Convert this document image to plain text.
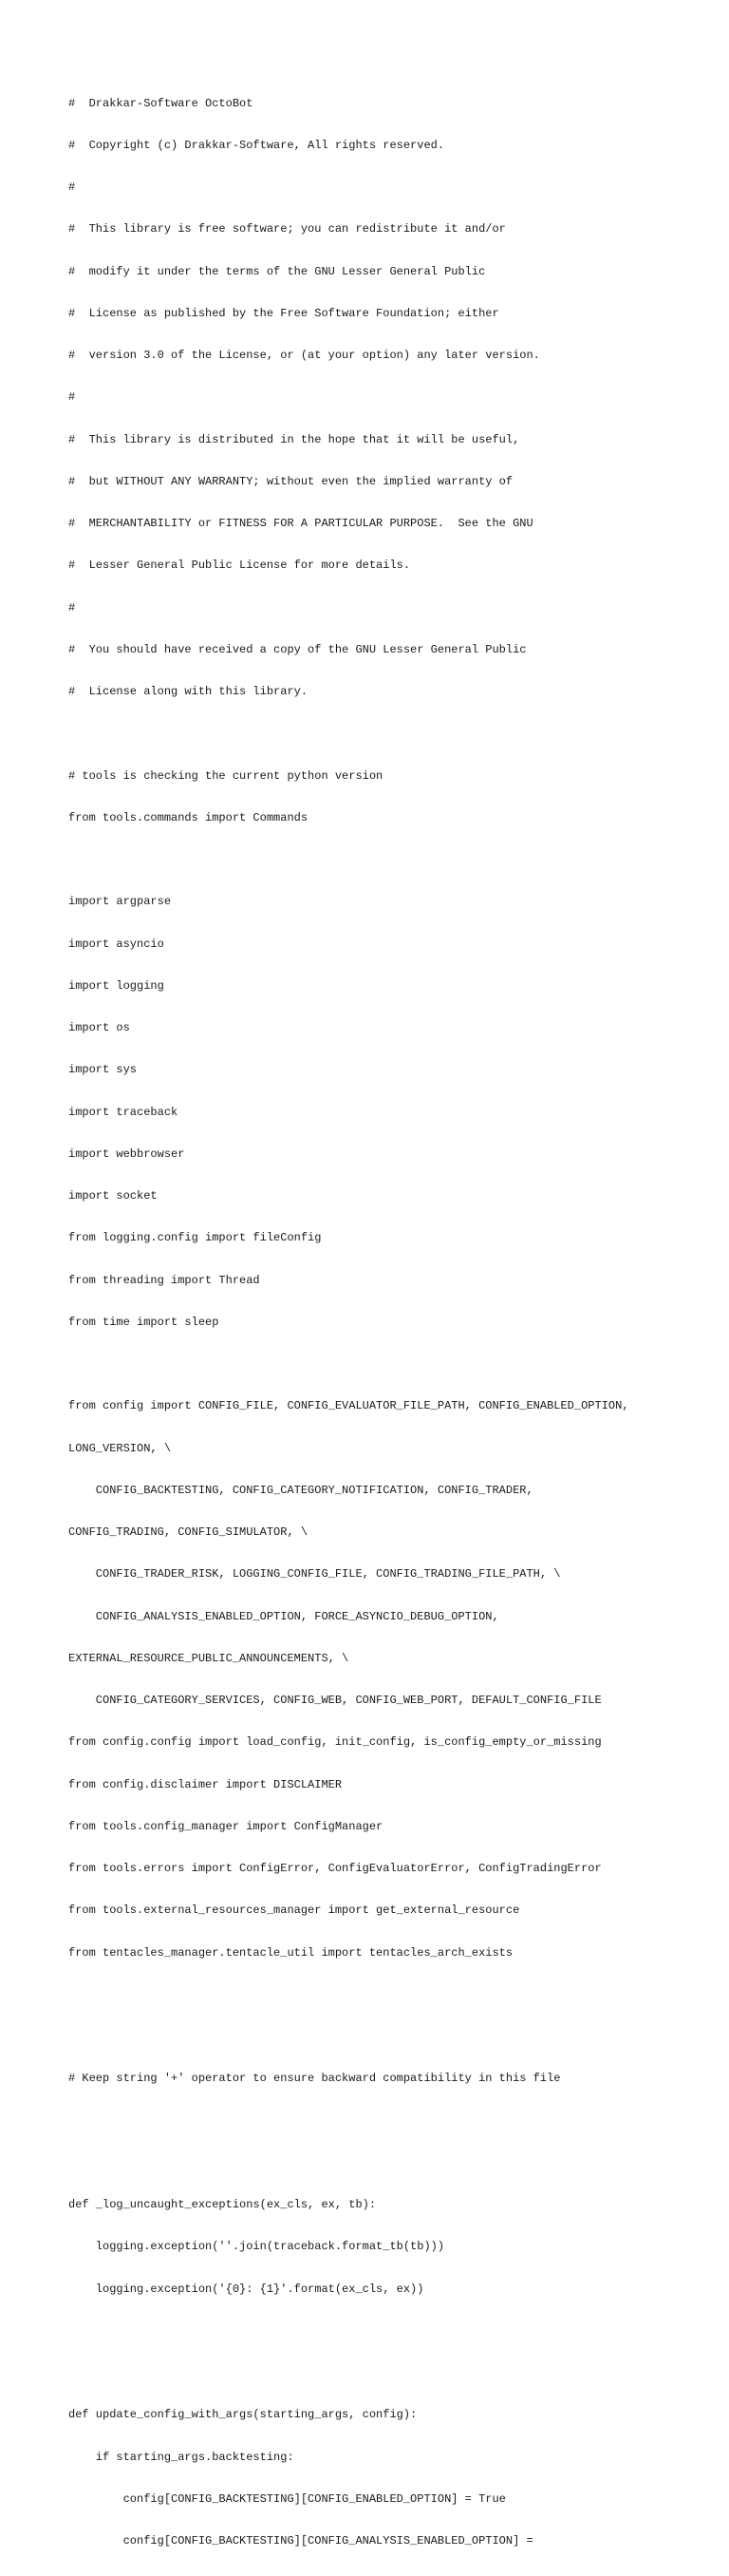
#  Drakkar-Software OctoBot

#  Copyright (c) Drakkar-Software, All rights reserved.

#

#  This library is free software; you can redistribute it and/or

#  modify it under the terms of the GNU Lesser General Public

#  License as published by the Free Software Foundation; either

#  version 3.0 of the License, or (at your option) any later version.

#

#  This library is distributed in the hope that it will be useful,

#  but WITHOUT ANY WARRANTY; without even the implied warranty of

#  MERCHANTABILITY or FITNESS FOR A PARTICULAR PURPOSE.  See the GNU

#  Lesser General Public License for more details.

#

#  You should have received a copy of the GNU Lesser General Public

#  License along with this library.

# tools is checking the current python version

from tools.commands import Commands

import argparse

import asyncio

import logging

import os

import sys

import traceback

import webbrowser

import socket

from logging.config import fileConfig

from threading import Thread

from time import sleep

from config import CONFIG_FILE, CONFIG_EVALUATOR_FILE_PATH, CONFIG_ENABLED_OPTION,

LONG_VERSION, \

CONFIG_BACKTESTING, CONFIG_CATEGORY_NOTIFICATION, CONFIG_TRADER,

CONFIG_TRADING, CONFIG_SIMULATOR, \

CONFIG_TRADER_RISK, LOGGING_CONFIG_FILE, CONFIG_TRADING_FILE_PATH, \

CONFIG_ANALYSIS_ENABLED_OPTION, FORCE_ASYNCIO_DEBUG_OPTION,

EXTERNAL_RESOURCE_PUBLIC_ANNOUNCEMENTS, \

CONFIG_CATEGORY_SERVICES, CONFIG_WEB, CONFIG_WEB_PORT, DEFAULT_CONFIG_FILE

from config.config import load_config, init_config, is_config_empty_or_missing

from config.disclaimer import DISCLAIMER

from tools.config_manager import ConfigManager

from tools.errors import ConfigError, ConfigEvaluatorError, ConfigTradingError

from tools.external_resources_manager import get_external_resource

from tentacles_manager.tentacle_util import tentacles_arch_exists

# Keep string '+' operator to ensure backward compatibility in this file

def _log_uncaught_exceptions(ex_cls, ex, tb):

logging.exception(''.join(traceback.format_tb(tb)))

logging.exception('{0}: {1}'.format(ex_cls, ex))

def update_config_with_args(starting_args, config):

if starting_args.backtesting:

config[CONFIG_BACKTESTING][CONFIG_ENABLED_OPTION] = True

config[CONFIG_BACKTESTING][CONFIG_ANALYSIS_ENABLED_OPTION] =
